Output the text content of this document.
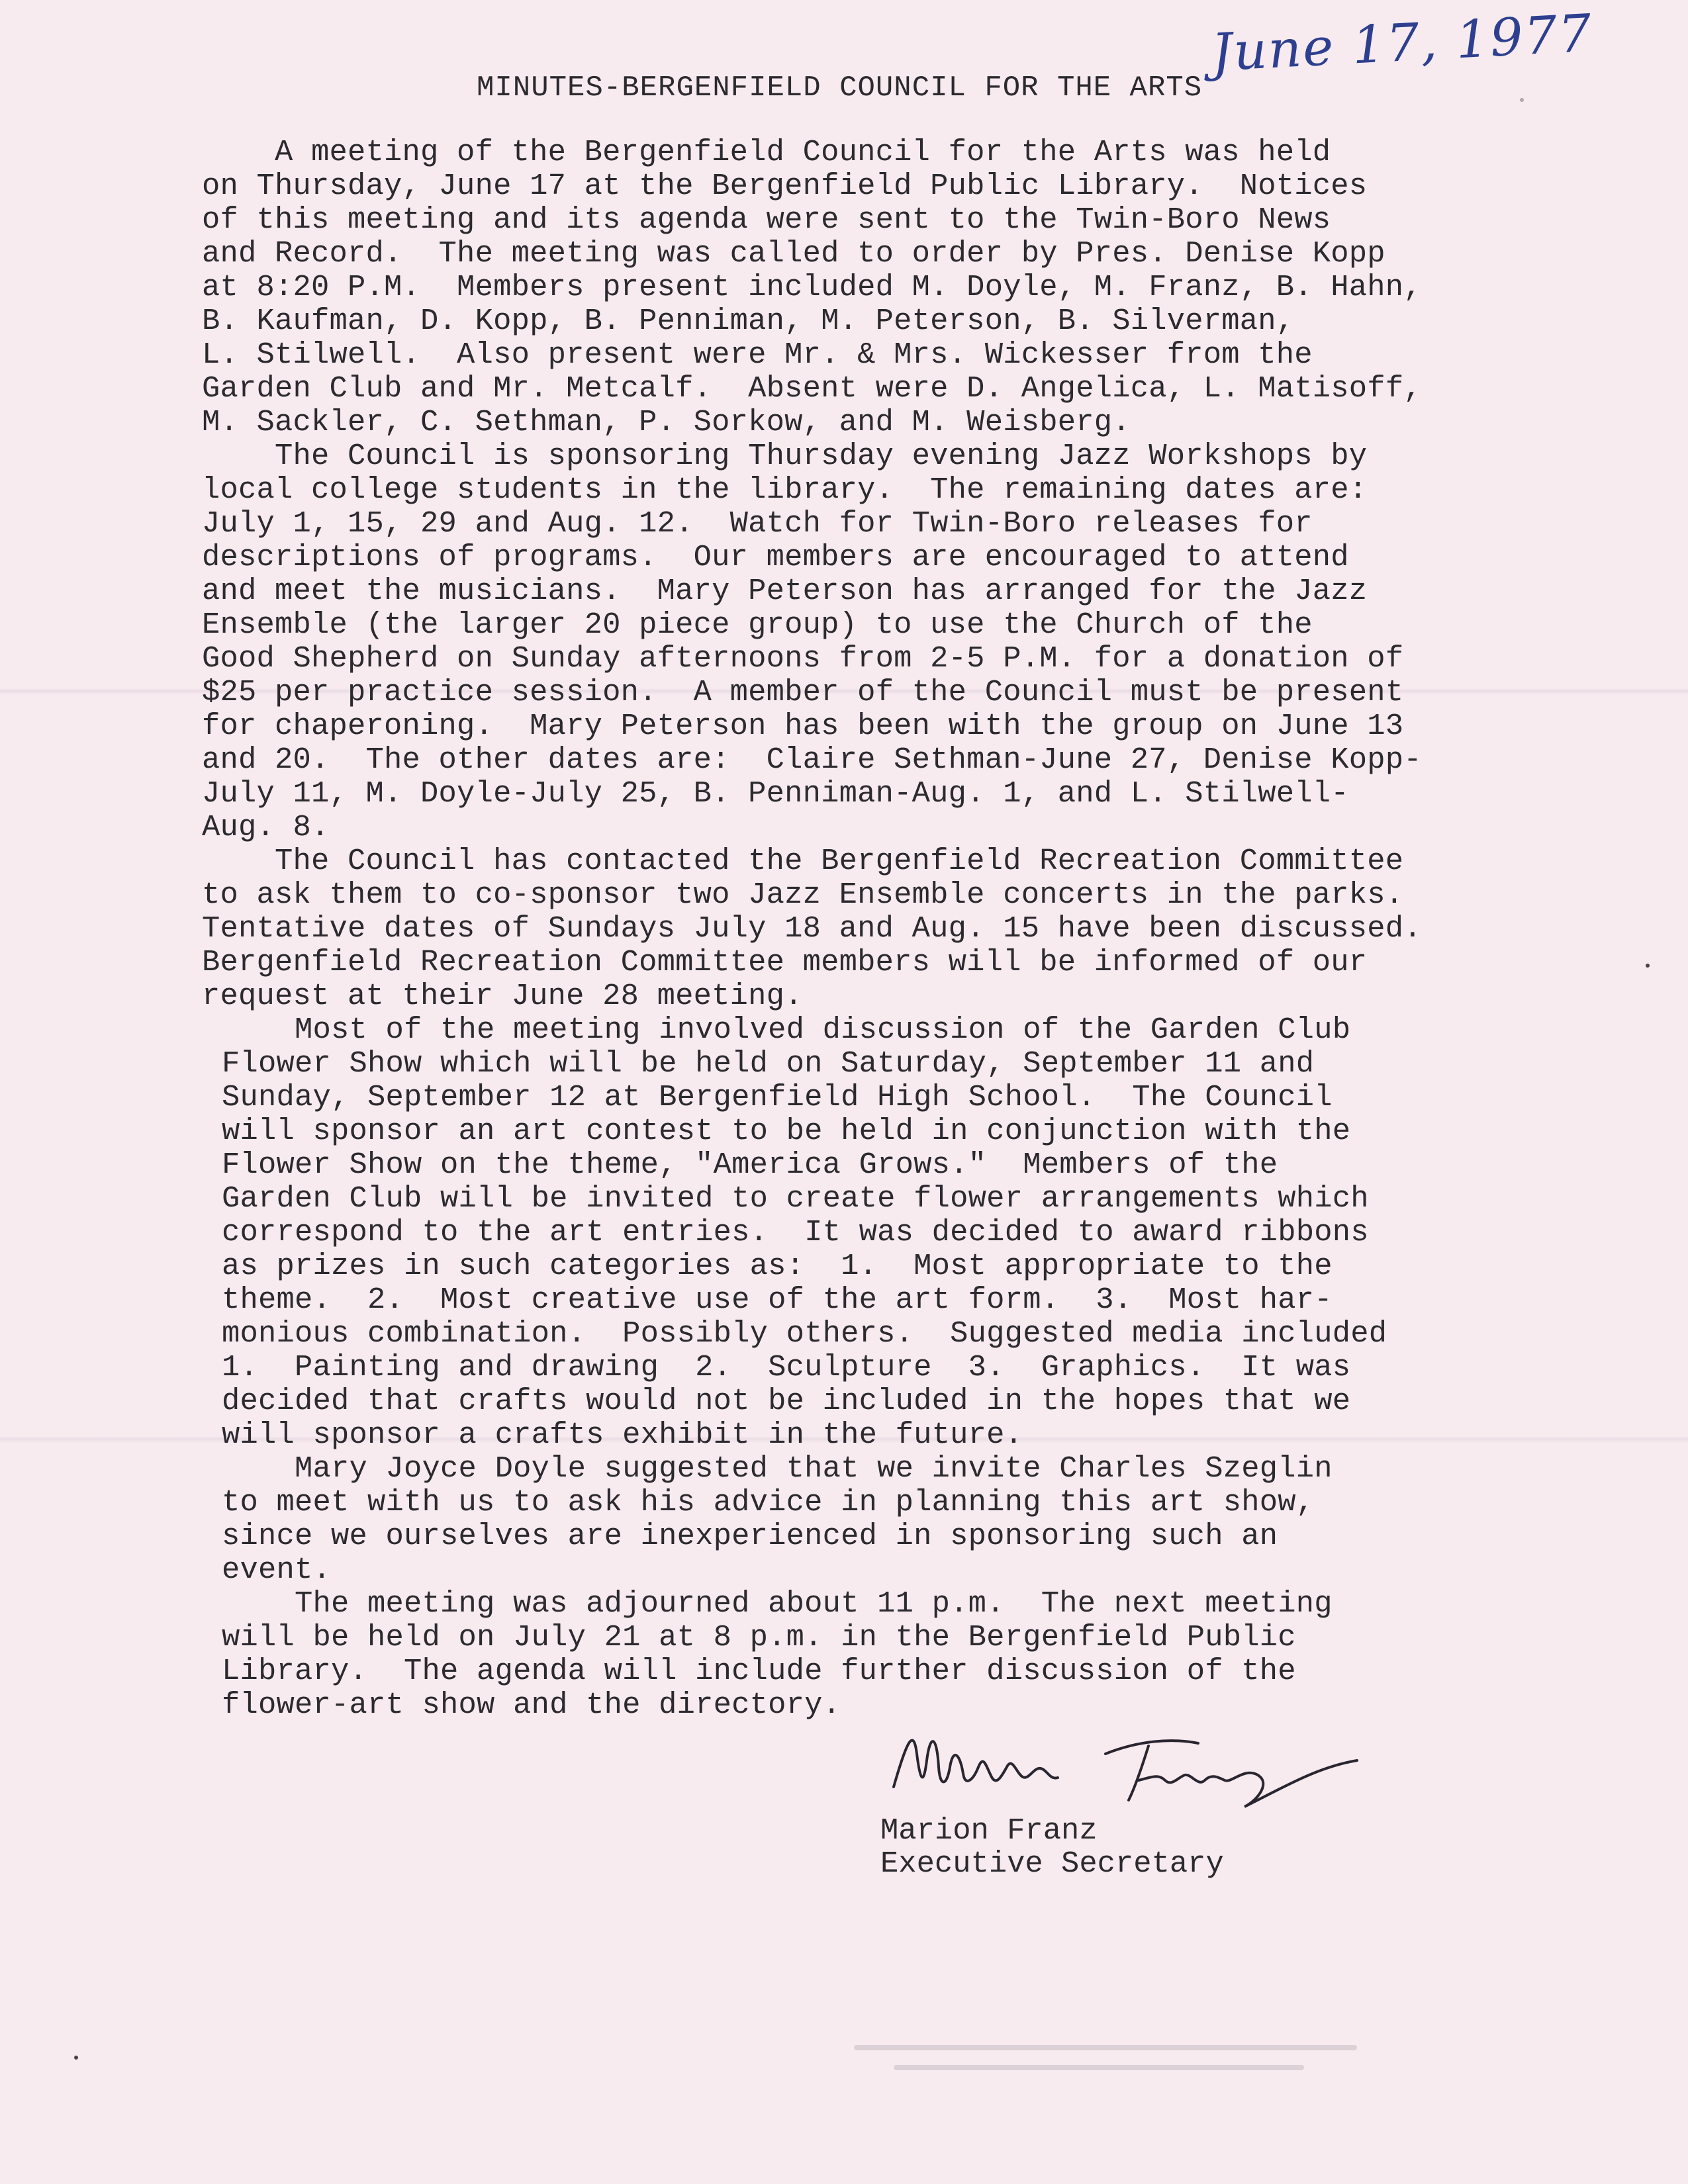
June 17, 1977
MINUTES-BERGENFIELD COUNCIL FOR THE ARTS

A meeting of the Bergenfield Council for the Arts was held
on Thursday, June 17 at the Bergenfield Public Library.  Notices
of this meeting and its agenda were sent to the Twin-Boro News
and Record.  The meeting was called to order by Pres. Denise Kopp
at 8:20 P.M.  Members present included M. Doyle, M. Franz, B. Hahn,
B. Kaufman, D. Kopp, B. Penniman, M. Peterson, B. Silverman,
L. Stilwell.  Also present were Mr. & Mrs. Wickesser from the
Garden Club and Mr. Metcalf.  Absent were D. Angelica, L. Matisoff,
M. Sackler, C. Sethman, P. Sorkow, and M. Weisberg.

The Council is sponsoring Thursday evening Jazz Workshops by
local college students in the library.  The remaining dates are:
July 1, 15, 29 and Aug. 12.  Watch for Twin-Boro releases for
descriptions of programs.  Our members are encouraged to attend
and meet the musicians.  Mary Peterson has arranged for the Jazz
Ensemble (the larger 20 piece group) to use the Church of the
Good Shepherd on Sunday afternoons from 2-5 P.M. for a donation of
$25 per practice session.  A member of the Council must be present
for chaperoning.  Mary Peterson has been with the group on June 13
and 20.  The other dates are:  Claire Sethman-June 27, Denise Kopp-
July 11, M. Doyle-July 25, B. Penniman-Aug. 1, and L. Stilwell-
Aug. 8.

The Council has contacted the Bergenfield Recreation Committee
to ask them to co-sponsor two Jazz Ensemble concerts in the parks.
Tentative dates of Sundays July 18 and Aug. 15 have been discussed.
Bergenfield Recreation Committee members will be informed of our
request at their June 28 meeting.

Most of the meeting involved discussion of the Garden Club
Flower Show which will be held on Saturday, September 11 and
Sunday, September 12 at Bergenfield High School.  The Council
will sponsor an art contest to be held in conjunction with the
Flower Show on the theme, "America Grows."  Members of the
Garden Club will be invited to create flower arrangements which
correspond to the art entries.  It was decided to award ribbons
as prizes in such categories as:  1.  Most appropriate to the
theme.  2.  Most creative use of the art form.  3.  Most har-
monious combination.  Possibly others.  Suggested media included
1.  Painting and drawing  2.  Sculpture  3.  Graphics.  It was
decided that crafts would not be included in the hopes that we
will sponsor a crafts exhibit in the future.

Mary Joyce Doyle suggested that we invite Charles Szeglin
to meet with us to ask his advice in planning this art show,
since we ourselves are inexperienced in sponsoring such an
event.

The meeting was adjourned about 11 p.m.  The next meeting
will be held on July 21 at 8 p.m. in the Bergenfield Public
Library.  The agenda will include further discussion of the
flower-art show and the directory.

Marion Franz
Executive Secretary
